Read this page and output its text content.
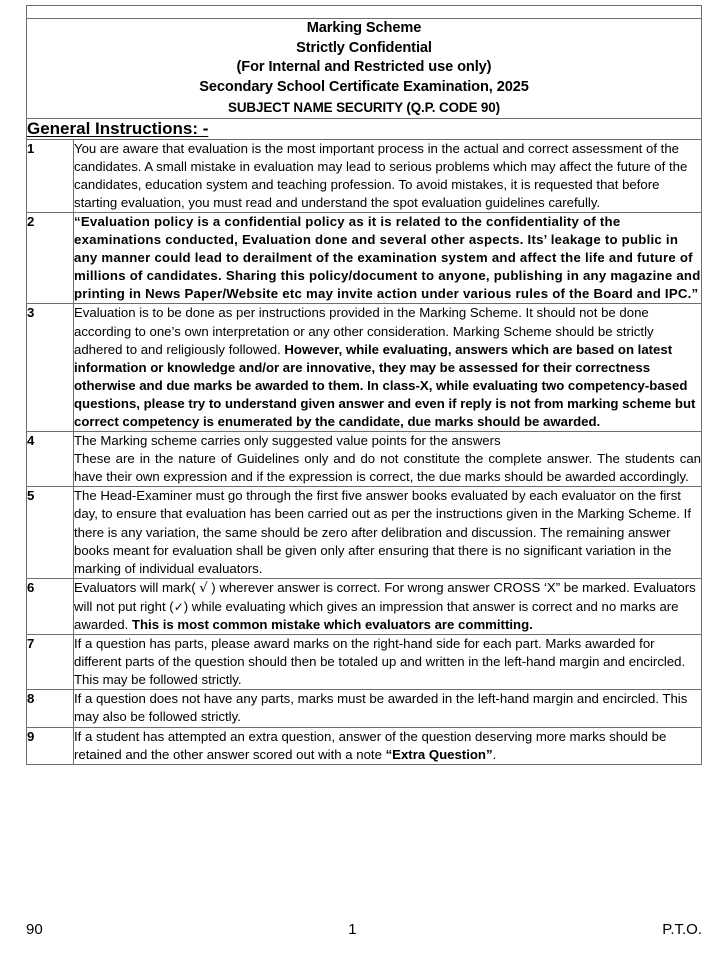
Marking Scheme
Strictly Confidential
(For Internal and Restricted use only)
Secondary School Certificate Examination, 2025
SUBJECT NAME SECURITY (Q.P. CODE 90)	

General Instructions: -	
1	You are aware that evaluation is the most important process in the actual and correct assessment of the candidates. A small mistake in evaluation may lead to serious problems which may affect the future of the candidates, education system and teaching profession. To avoid mistakes, it is requested that before starting evaluation, you must read and understand the spot evaluation guidelines carefully.

2	“Evaluation policy is a confidential policy as it is related to the confidentiality of the examinations conducted, Evaluation done and several other aspects. Its’ leakage to public in any manner could lead to derailment of the examination system and affect the life and future of millions of candidates. Sharing this policy/document to anyone, publishing in any magazine and printing in News Paper/Website etc may invite action under various rules of the Board and IPC.”

3	Evaluation is to be done as per instructions provided in the Marking Scheme. It should not be done according to one’s own interpretation or any other consideration. Marking Scheme should be strictly adhered to and religiously followed. However, while evaluating, answers which are based on latest information or knowledge and/or are innovative, they may be assessed for their correctness otherwise and due marks be awarded to them. In class-X, while evaluating two competency-based questions, please try to understand given answer and even if reply is not from marking scheme but correct competency is enumerated by the candidate, due marks should be awarded.

4	The Marking scheme carries only suggested value points for the answers

These are in the nature of Guidelines only and do not constitute the complete answer. The students can have their own expression and if the expression is correct, the due marks should be awarded accordingly.

5	The Head-Examiner must go through the first five answer books evaluated by each evaluator on the first day, to ensure that evaluation has been carried out as per the instructions given in the Marking Scheme. If there is any variation, the same should be zero after delibration and discussion. The remaining answer books meant for evaluation shall be given only after ensuring that there is no significant variation in the marking of individual evaluators.

6	Evaluators will mark( √ ) wherever answer is correct. For wrong answer CROSS ‘X” be marked. Evaluators will not put right (✓) while evaluating which gives an impression that answer is correct and no marks are awarded. This is most common mistake which evaluators are committing.

7	If a question has parts, please award marks on the right-hand side for each part. Marks awarded for different parts of the question should then be totaled up and written in the left-hand margin and encircled. This may be followed strictly.

8	If a question does not have any parts, marks must be awarded in the left-hand margin and encircled. This may also be followed strictly.

9	If a student has attempted an extra question, answer of the question deserving more marks should be retained and the other answer scored out with a note “Extra Question”.

90	1	P.T.O.
